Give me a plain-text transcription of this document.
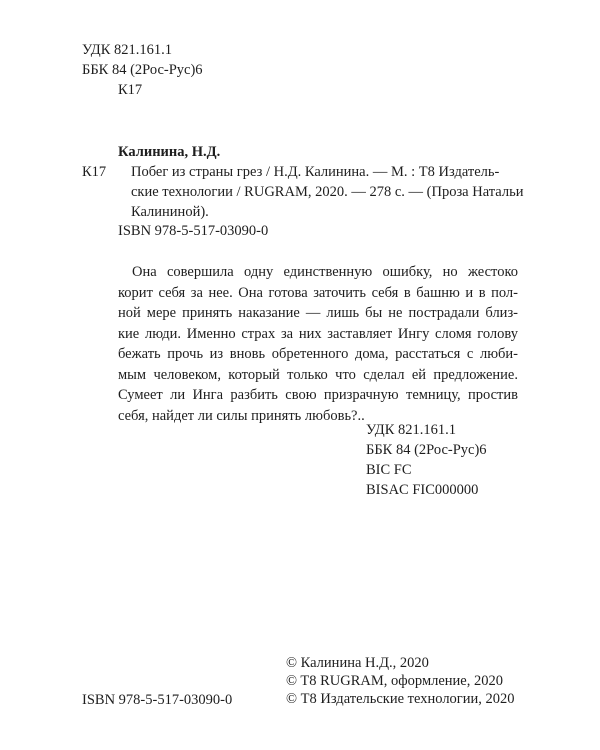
УДК 821.161.1
ББК 84 (2Рос-Рус)6
К17
Калинина, Н.Д.
К17 Побег из страны грез / Н.Д. Калинина. — М. : Т8 Издатель-
ские технологии / RUGRAM, 2020. — 278 с. — (Проза Натальи
Калининой).
ISBN 978-5-517-03090-0
Она совершила одну единственную ошибку, но жестоко
корит себя за нее. Она готова заточить себя в башню и в пол-
ной мере принять наказание — лишь бы не пострадали близ-
кие люди. Именно страх за них заставляет Ингу сломя голову
бежать прочь из вновь обретенного дома, расстаться с люби-
мым человеком, который только что сделал ей предложение.
Сумеет ли Инга разбить свою призрачную темницу, простив
себя, найдет ли силы принять любовь?..
УДК 821.161.1
ББК 84 (2Рос-Рус)6
BIC FC
BISAC FIC000000
ISBN 978-5-517-03090-0
© Калинина Н.Д., 2020
© T8 RUGRAM, оформление, 2020
© Т8 Издательские технологии, 2020
